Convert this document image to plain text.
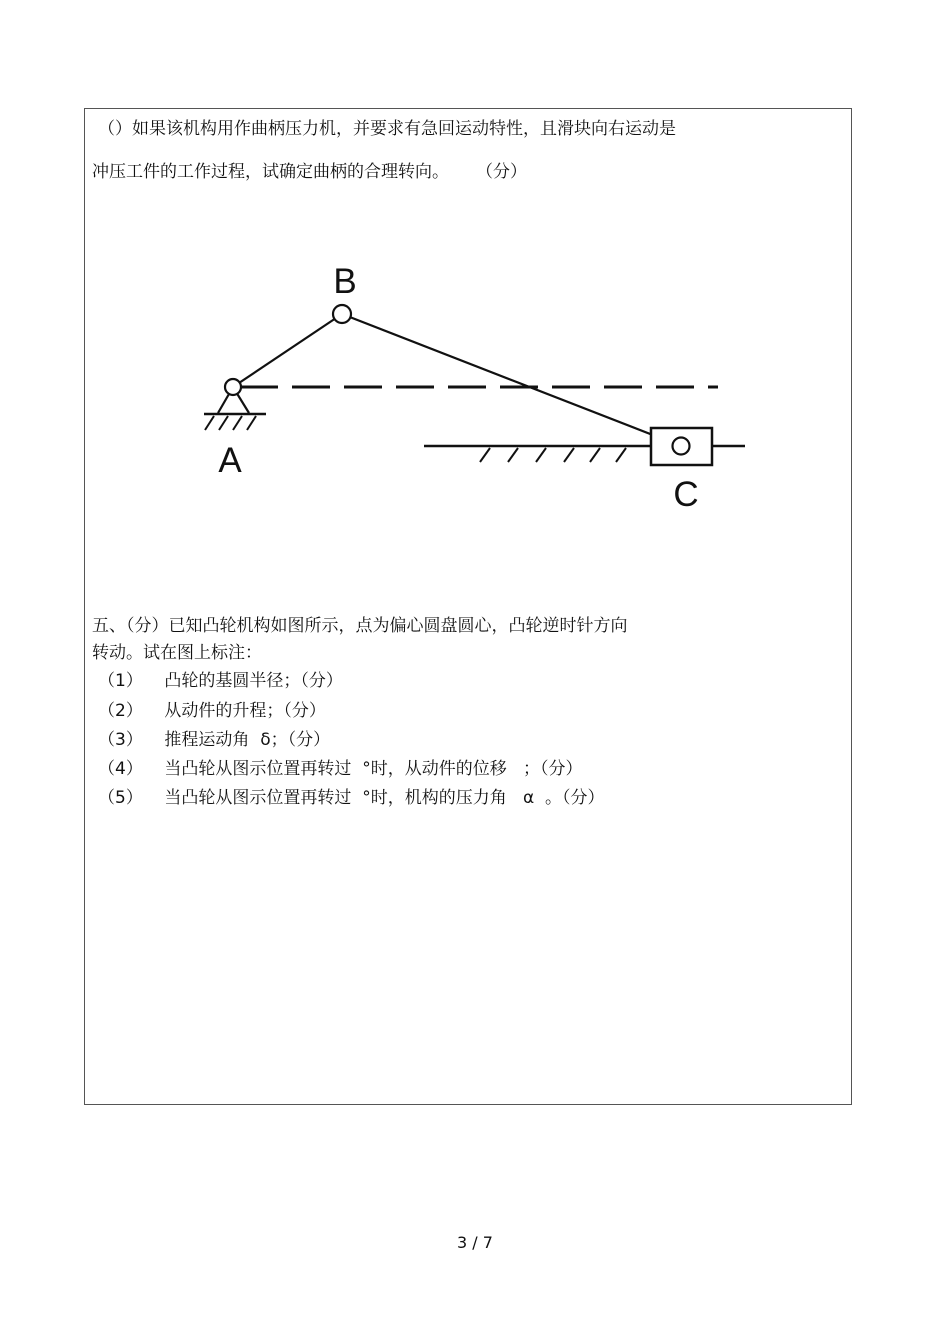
（）如果该机构用作曲柄压力机，并要求有急回运动特性，且滑块向右运动是
冲压工件的工作过程，试确定曲柄的合理转向。     （分）
B
A
C
五、（分）已知凸轮机构如图所示，点为偏心圆盘圆心，凸轮逆时针方向
转动。试在图上标注：
（1）    凸轮的基圆半径；（分）
（2）    从动件的升程；（分）
（3）    推程运动角  δ；（分）
（4）    当凸轮从图示位置再转过  °时，从动件的位移   ；（分）
（5）    当凸轮从图示位置再转过  °时，机构的压力角   α  。（分）
3 / 7
